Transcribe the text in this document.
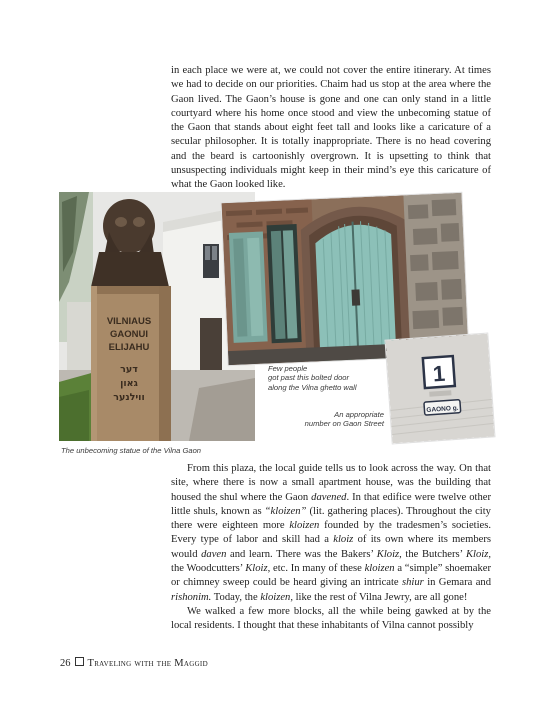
in each place we were at, we could not cover the entire itinerary. At times we had to decide on our priorities. Chaim had us stop at the area where the Gaon lived. The Gaon’s house is gone and one can only stand in a little courtyard where his home once stood and view the unbecoming statue of the Gaon that stands about eight feet tall and looks like a caricature of a secular philosopher. It is totally inappropriate. There is no head covering and the beard is cartoonishly overgrown. It is upsetting to think that unsuspecting individuals might keep in their mind’s eye this caricature of what the Gaon looked like.

VILNIAUS
GAONUI
ELIJAHU
דער
גאון
ווילנער

The unbecoming statue of the Vilna Gaon

Few people
got past this bolted door
along the Vilna ghetto wall

1
GAONO g.

An appropriate
number on Gaon Street

From this plaza, the local guide tells us to look across the way. On that site, where there is now a small apartment house, was the building that housed the shul where the Gaon davened. In that edifice were twelve other little shuls, known as “kloizen” (lit. gathering places). Throughout the city there were eighteen more kloizen founded by the tradesmen’s societies. Every type of labor and skill had a kloiz of its own where its members would daven and learn. There was the Bakers’ Kloiz, the Butchers’ Kloiz, the Woodcutters’ Kloiz, etc. In many of these kloizen a “simple” shoemaker or chimney sweep could be heard giving an intricate shiur in Gemara and rishonim. Today, the kloizen, like the rest of Vilna Jewry, are all gone!

We walked a few more blocks, all the while being gawked at by the local residents. I thought that these inhabitants of Vilna cannot possibly

26 Traveling with the Maggid
